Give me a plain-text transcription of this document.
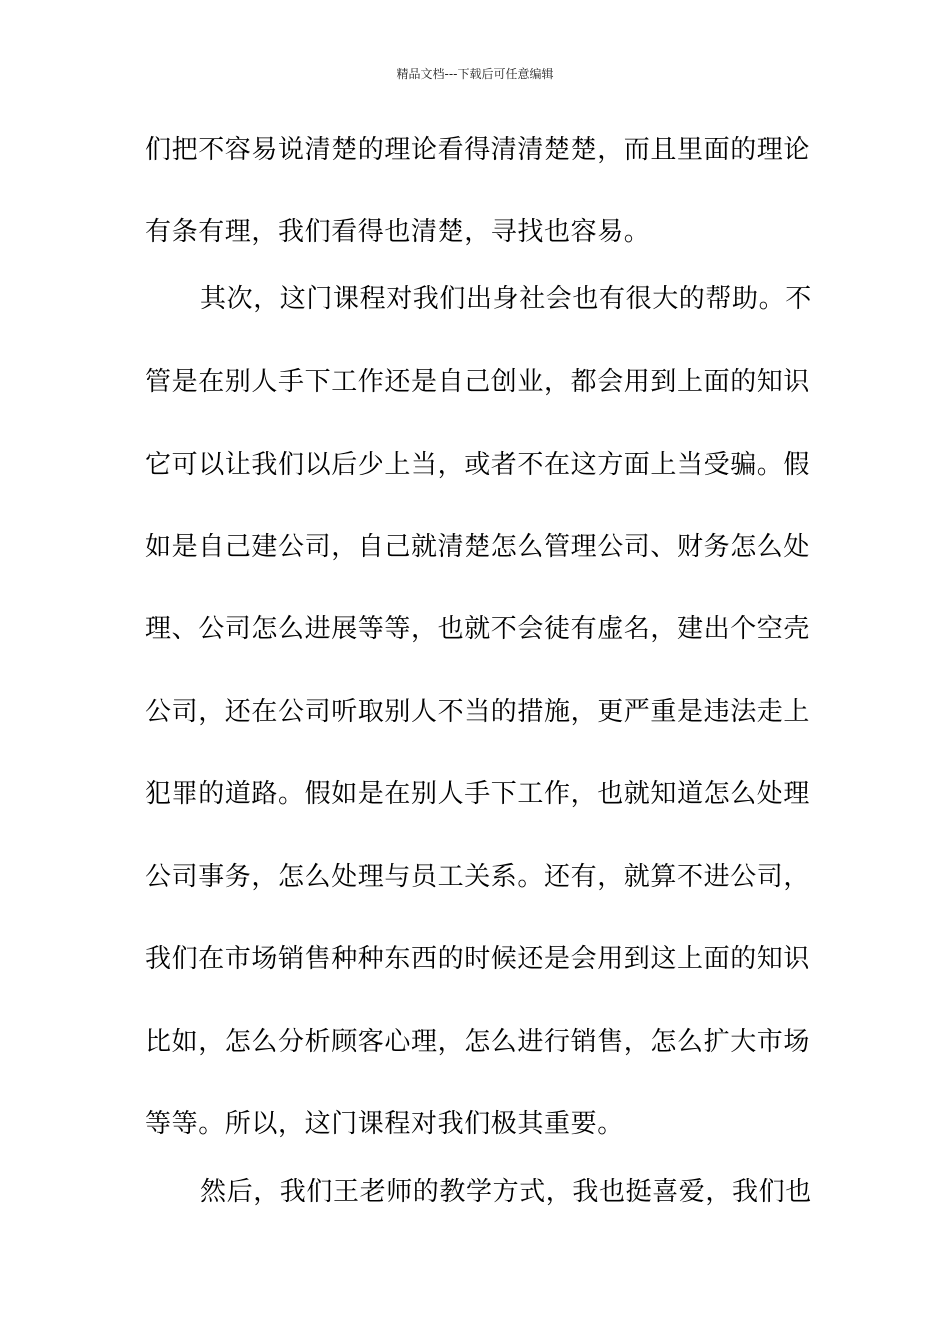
精品文档---下载后可任意编辑
们把不容易说清楚的理论看得清清楚楚，而且里面的理论
有条有理，我们看得也清楚，寻找也容易。
其次，这门课程对我们出身社会也有很大的帮助。不
管是在别人手下工作还是自己创业，都会用到上面的知识
它可以让我们以后少上当，或者不在这方面上当受骗。假
如是自己建公司，自己就清楚怎么管理公司、财务怎么处
理、公司怎么进展等等，也就不会徒有虚名，建出个空壳
公司，还在公司听取别人不当的措施，更严重是违法走上
犯罪的道路。假如是在别人手下工作，也就知道怎么处理
公司事务，怎么处理与员工关系。还有，就算不进公司，
我们在市场销售种种东西的时候还是会用到这上面的知识
比如，怎么分析顾客心理，怎么进行销售，怎么扩大市场
等等。所以，这门课程对我们极其重要。
然后，我们王老师的教学方式，我也挺喜爱，我们也
